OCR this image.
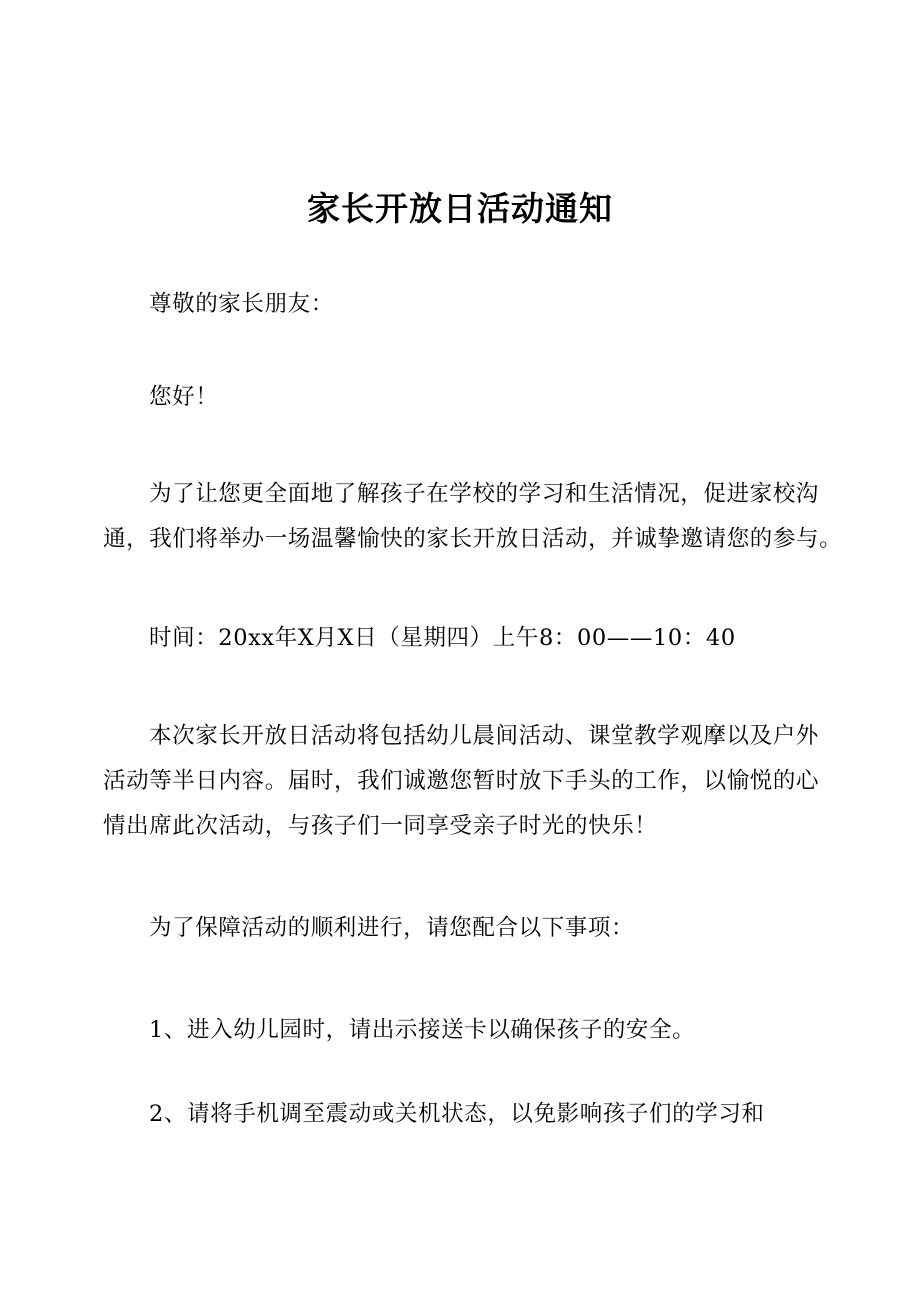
家长开放日活动通知
尊敬的家长朋友：
您好！
为了让您更全面地了解孩子在学校的学习和生活情况，促进家校沟
通，我们将举办一场温馨愉快的家长开放日活动，并诚挚邀请您的参与。
时间：20xx年X月X日（星期四）上午8：00——10：40
本次家长开放日活动将包括幼儿晨间活动、课堂教学观摩以及户外
活动等半日内容。届时，我们诚邀您暂时放下手头的工作，以愉悦的心
情出席此次活动，与孩子们一同享受亲子时光的快乐！
为了保障活动的顺利进行，请您配合以下事项：
1、进入幼儿园时，请出示接送卡以确保孩子的安全。
2、请将手机调至震动或关机状态，以免影响孩子们的学习和
